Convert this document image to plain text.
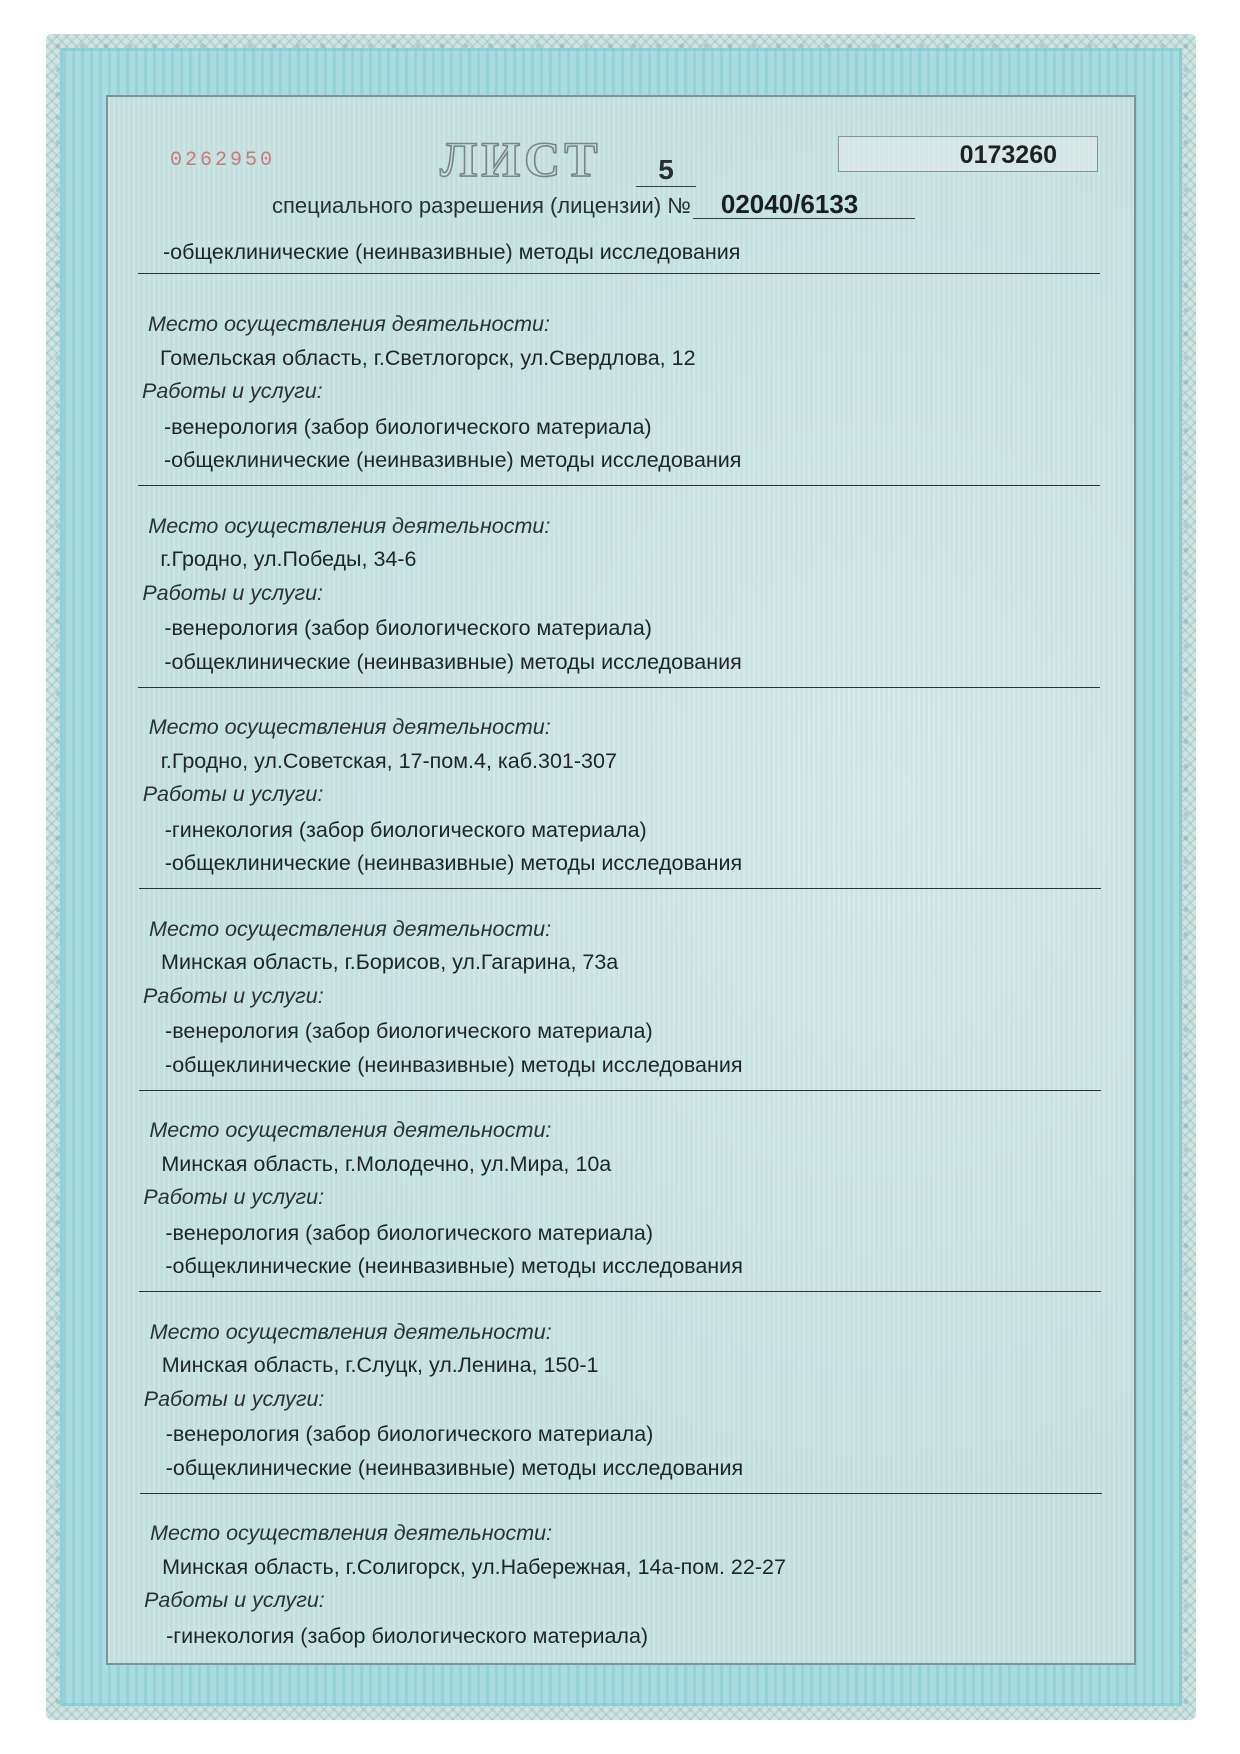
0262950	ЛИСТ	5	0173260
специального разрешения (лицензии) № 02040/6133
-общеклинические (неинвазивные) методы исследования
Место осуществления деятельности:
Гомельская область, г.Светлогорск, ул.Свердлова, 12
Работы и услуги:
-венерология (забор биологического материала)
-общеклинические (неинвазивные) методы исследования
Место осуществления деятельности:
г.Гродно, ул.Победы, 34-6
Работы и услуги:
-венерология (забор биологического материала)
-общеклинические (неинвазивные) методы исследования
Место осуществления деятельности:
г.Гродно, ул.Советская, 17-пом.4, каб.301-307
Работы и услуги:
-гинекология (забор биологического материала)
-общеклинические (неинвазивные) методы исследования
Место осуществления деятельности:
Минская область, г.Борисов, ул.Гагарина, 73а
Работы и услуги:
-венерология (забор биологического материала)
-общеклинические (неинвазивные) методы исследования
Место осуществления деятельности:
Минская область, г.Молодечно, ул.Мира, 10а
Работы и услуги:
-венерология (забор биологического материала)
-общеклинические (неинвазивные) методы исследования
Место осуществления деятельности:
Минская область, г.Слуцк, ул.Ленина, 150-1
Работы и услуги:
-венерология (забор биологического материала)
-общеклинические (неинвазивные) методы исследования
Место осуществления деятельности:
Минская область, г.Солигорск, ул.Набережная, 14а-пом. 22-27
Работы и услуги:
-гинекология (забор биологического материала)
